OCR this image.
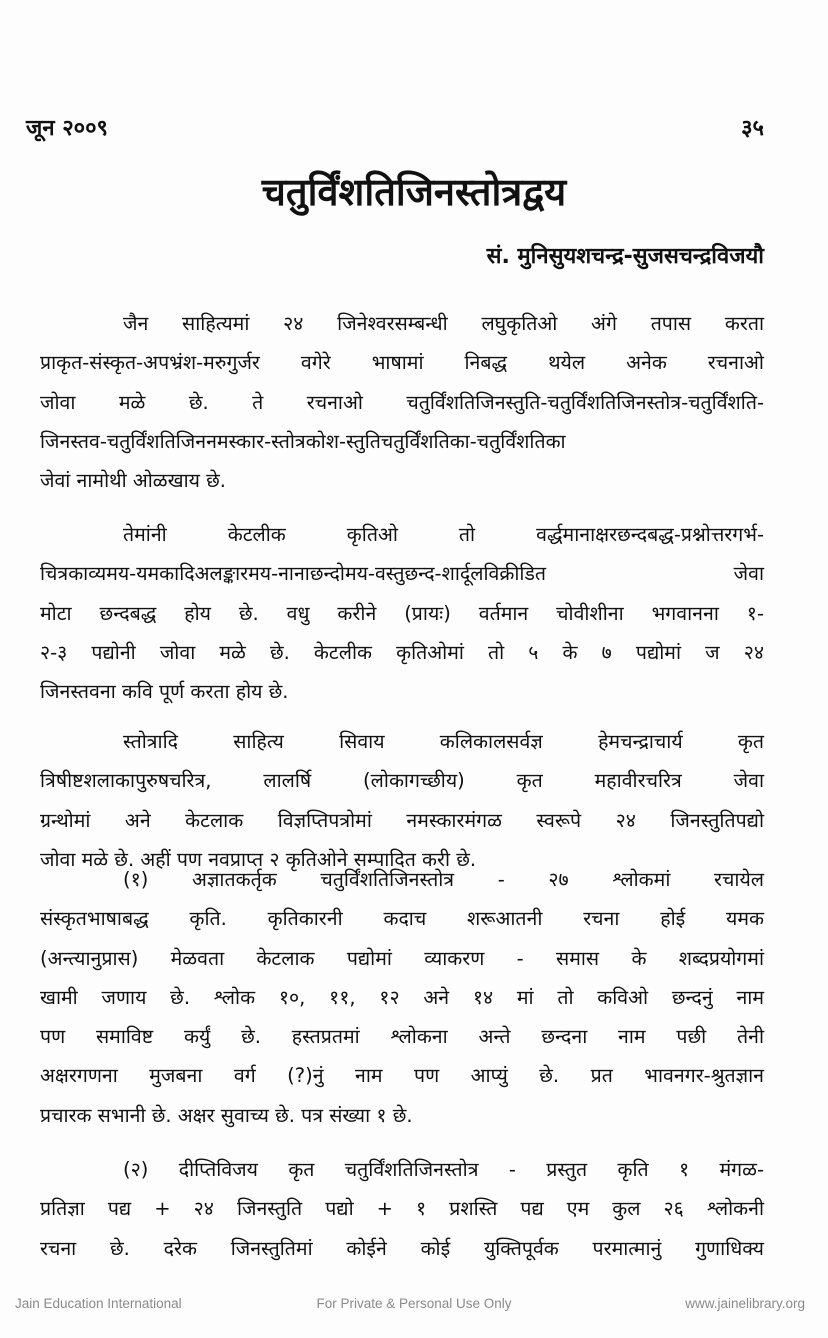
जून २००९	३५
चतुर्विंशतिजिनस्तोत्रद्वय
सं. मुनिसुयशचन्द्र-सुजसचन्द्रविजयौ
जैन साहित्यमां २४ जिनेश्वरसम्बन्धी लघुकृतिओ अंगे तपास करता
प्राकृत-संस्कृत-अपभ्रंश-मरुगुर्जर वगेरे भाषामां निबद्ध थयेल अनेक रचनाओ
जोवा मळे छे. ते रचनाओ चतुर्विंशतिजिनस्तुति-चतुर्विंशतिजिनस्तोत्र-चतुर्विंशति-
जिनस्तव-चतुर्विंशतिजिननमस्कार-स्तोत्रकोश-स्तुतिचतुर्विंशतिका-चतुर्विंशतिका
जेवां नामोथी ओळखाय छे.
तेमांनी केटलीक कृतिओ तो वर्द्धमानाक्षरछन्दबद्ध-प्रश्नोत्तरगर्भ-
चित्रकाव्यमय-यमकादिअलङ्कारमय-नानाछन्दोमय-वस्तुछन्द-शार्दूलविक्रीडित जेवा
मोटा छन्दबद्ध होय छे. वधु करीने (प्रायः) वर्तमान चोवीशीना भगवानना १-
२-३ पद्योनी जोवा मळे छे. केटलीक कृतिओमां तो ५ के ७ पद्योमां ज २४
जिनस्तवना कवि पूर्ण करता होय छे.
स्तोत्रादि साहित्य सिवाय कलिकालसर्वज्ञ हेमचन्द्राचार्य कृत
त्रिषीष्टशलाकापुरुषचरित्र, लालर्षि (लोकागच्छीय) कृत महावीरचरित्र जेवा
ग्रन्थोमां अने केटलाक विज्ञप्तिपत्रोमां नमस्कारमंगळ स्वरूपे २४ जिनस्तुतिपद्यो
जोवा मळे छे. अहीं पण नवप्राप्त २ कृतिओने सम्पादित करी छे.
(१) अज्ञातकर्तृक चतुर्विंशतिजिनस्तोत्र - २७ श्लोकमां रचायेल
संस्कृतभाषाबद्ध कृति. कृतिकारनी कदाच शरूआतनी रचना होई यमक
(अन्त्यानुप्रास) मेळवता केटलाक पद्योमां व्याकरण - समास के शब्दप्रयोगमां
खामी जणाय छे. श्लोक १०, ११, १२ अने १४ मां तो कविओ छन्दनुं नाम
पण समाविष्ट कर्युं छे. हस्तप्रतमां श्लोकना अन्ते छन्दना नाम पछी तेनी
अक्षरगणना मुजबना वर्ग (?)नुं नाम पण आप्युं छे. प्रत भावनगर-श्रुतज्ञान
प्रचारक सभानी छे. अक्षर सुवाच्य छे. पत्र संख्या १ छे.
(२) दीप्तिविजय कृत चतुर्विंशतिजिनस्तोत्र - प्रस्तुत कृति १ मंगळ-
प्रतिज्ञा पद्य + २४ जिनस्तुति पद्यो + १ प्रशस्ति पद्य एम कुल २६ श्लोकनी
रचना छे. दरेक जिनस्तुतिमां कोईने कोई युक्तिपूर्वक परमात्मानुं गुणाधिक्य
Jain Education International	For Private & Personal Use Only	www.jainelibrary.org
